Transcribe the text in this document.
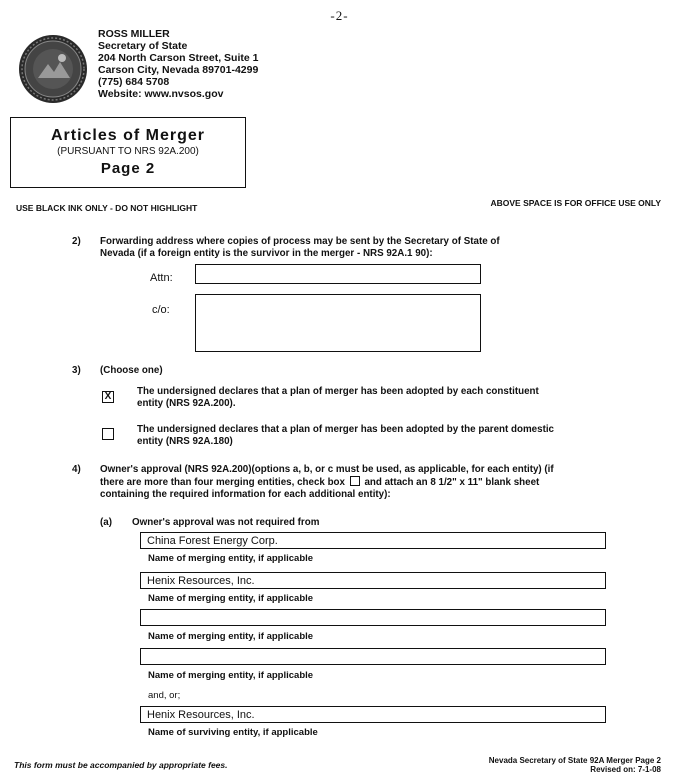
-2-
ROSS MILLER
Secretary of State
204 North Carson Street, Suite 1
Carson City, Nevada 89701-4299
(775) 684 5708
Website: www.nvsos.gov
Articles of Merger
(PURSUANT TO NRS 92A.200)
Page 2
USE BLACK INK ONLY - DO NOT HIGHLIGHT	ABOVE SPACE IS FOR OFFICE USE ONLY
2) Forwarding address where copies of process may be sent by the Secretary of State of
Nevada (if a foreign entity is the survivor in the merger - NRS 92A.1 90):
Attn:
c/o:
3) (Choose one)
X	The undersigned declares that a plan of merger has been adopted by each constituent
entity (NRS 92A.200).
The undersigned declares that a plan of merger has been adopted by the parent domestic
entity (NRS 92A.180)
4) Owner's approval (NRS 92A.200)(options a, b, or c must be used, as applicable, for each entity) (if
there are more than four merging entities, check box and attach an 8 1/2" x 11" blank sheet
containing the required information for each additional entity):
(a) Owner's approval was not required from
China Forest Energy Corp.
Name of merging entity, if applicable
Henix Resources, Inc.
Name of merging entity, if applicable
Name of merging entity, if applicable
Name of merging entity, if applicable
and, or;
Henix Resources, Inc.
Name of surviving entity, if applicable
This form must be accompanied by appropriate fees.	Nevada Secretary of State 92A Merger Page 2
Revised on: 7-1-08
